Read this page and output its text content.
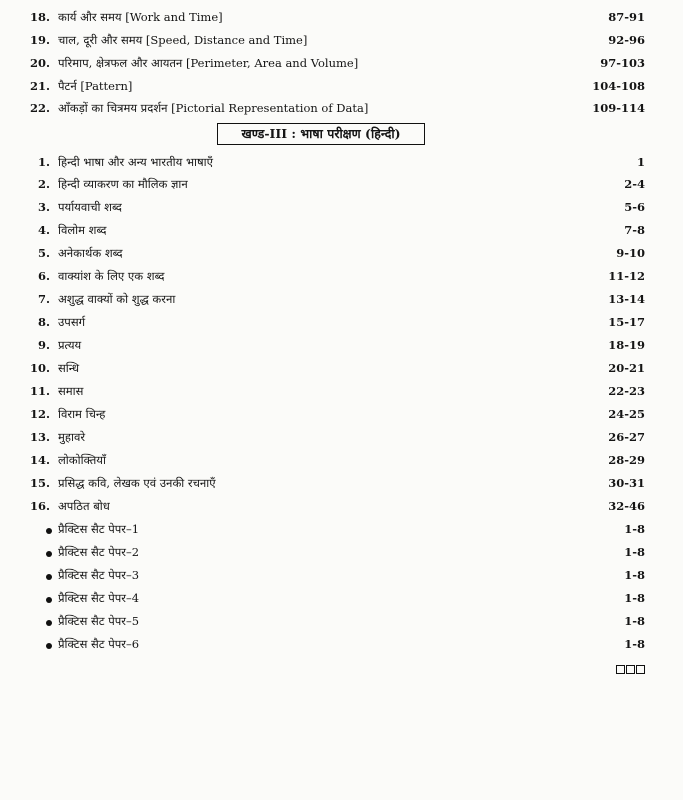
18. कार्य और समय [Work and Time]	87-91
19. चाल, दूरी और समय [Speed, Distance and Time]	92-96
20. परिमाप, क्षेत्रफल और आयतन [Perimeter, Area and Volume]	97-103
21. पैटर्न [Pattern]	104-108
22. आँकड़ों का चित्रमय प्रदर्शन [Pictorial Representation of Data]	109-114
खण्ड-III : भाषा परीक्षण (हिन्दी)
1. हिन्दी भाषा और अन्य भारतीय भाषाएँ	1
2. हिन्दी व्याकरण का मौलिक ज्ञान	2-4
3. पर्यायवाची शब्द	5-6
4. विलोम शब्द	7-8
5. अनेकार्थक शब्द	9-10
6. वाक्यांश के लिए एक शब्द	11-12
7. अशुद्ध वाक्यों को शुद्ध करना	13-14
8. उपसर्ग	15-17
9. प्रत्यय	18-19
10. सन्धि	20-21
11. समास	22-23
12. विराम चिन्ह	24-25
13. मुहावरे	26-27
14. लोकोक्तियाँ	28-29
15. प्रसिद्ध कवि, लेखक एवं उनकी रचनाएँ	30-31
16. अपठित बोध	32-46
प्रैक्टिस सैट पेपर–1	1-8
प्रैक्टिस सैट पेपर–2	1-8
प्रैक्टिस सैट पेपर–3	1-8
प्रैक्टिस सैट पेपर–4	1-8
प्रैक्टिस सैट पेपर–5	1-8
प्रैक्टिस सैट पेपर–6	1-8
